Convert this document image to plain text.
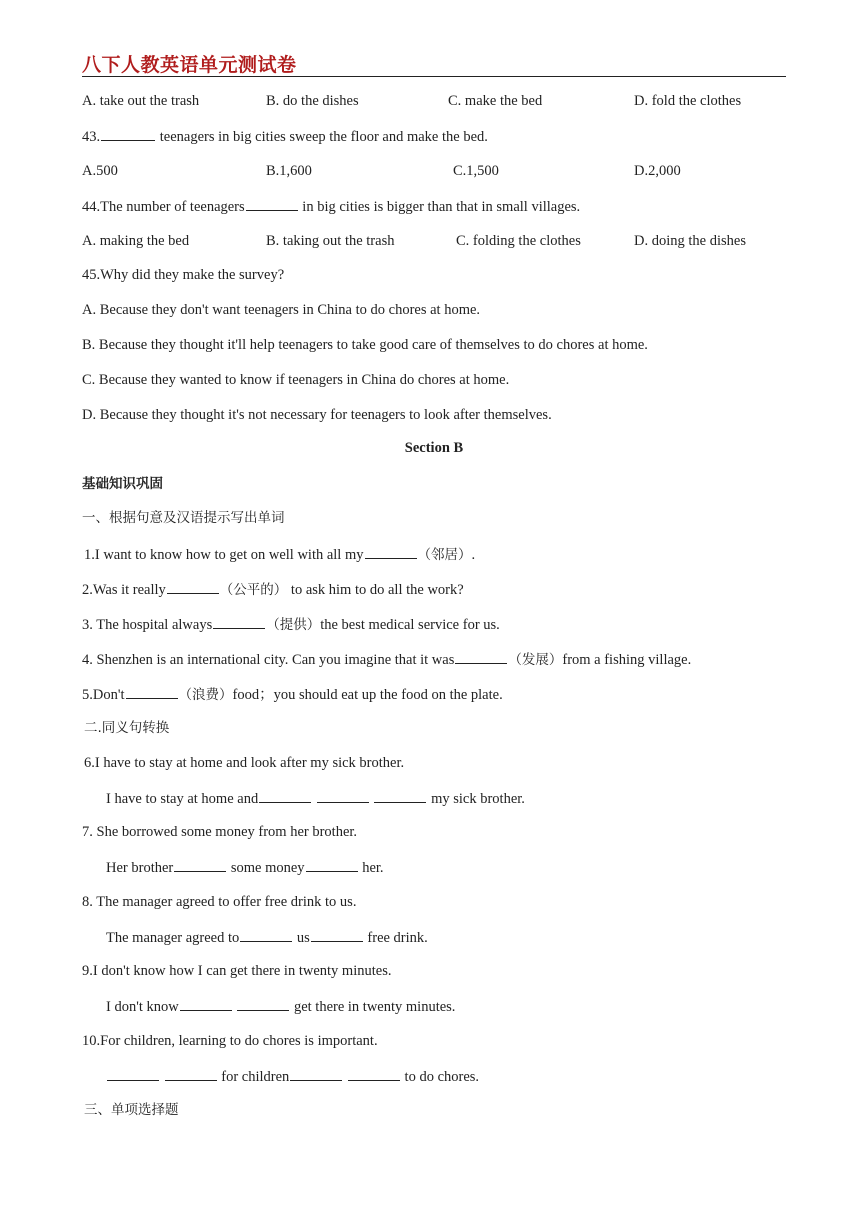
八下人教英语单元测试卷
A. take out the trash	B. do the dishes	C. make the bed	D. fold the clothes
43.	teenagers in big cities sweep the floor and make the bed.
A.500	B.1,600	C.1,500	D.2,000
44.The number of teenagers	in big cities is bigger than that in small villages.
A. making the bed	B. taking out the trash	C. folding the clothes	D. doing the dishes
45.Why did they make the survey?
A. Because they don't want teenagers in China to do chores at home.
B. Because they thought it'll help teenagers to take good care of themselves to do chores at home.
C. Because they wanted to know if teenagers in China do chores at home.
D. Because they thought it's not necessary for teenagers to look after themselves.
Section B
基础知识巩固
一、根据句意及汉语提示写出单词
1.I want to know how to get on well with all my	（邻居）.
2.Was it really	（公平的） to ask him to do all the work?
3. The hospital always	（提供）the best medical service for us.
4. Shenzhen is an international city. Can you imagine that it was	（发展）from a fishing village.
5.Don't	（浪费）food；you should eat up the food on the plate.
二.同义句转换
6.I have to stay at home and look after my sick brother.
I have to stay at home and	my sick brother.
7. She borrowed some money from her brother.
Her brother	some money	her.
8. The manager agreed to offer free drink to us.
The manager agreed to	us	free drink.
9.I don't know how I can get there in twenty minutes.
I don't know	get there in twenty minutes.
10.For children, learning to do chores is important.
for children	to do chores.
三、单项选择题
